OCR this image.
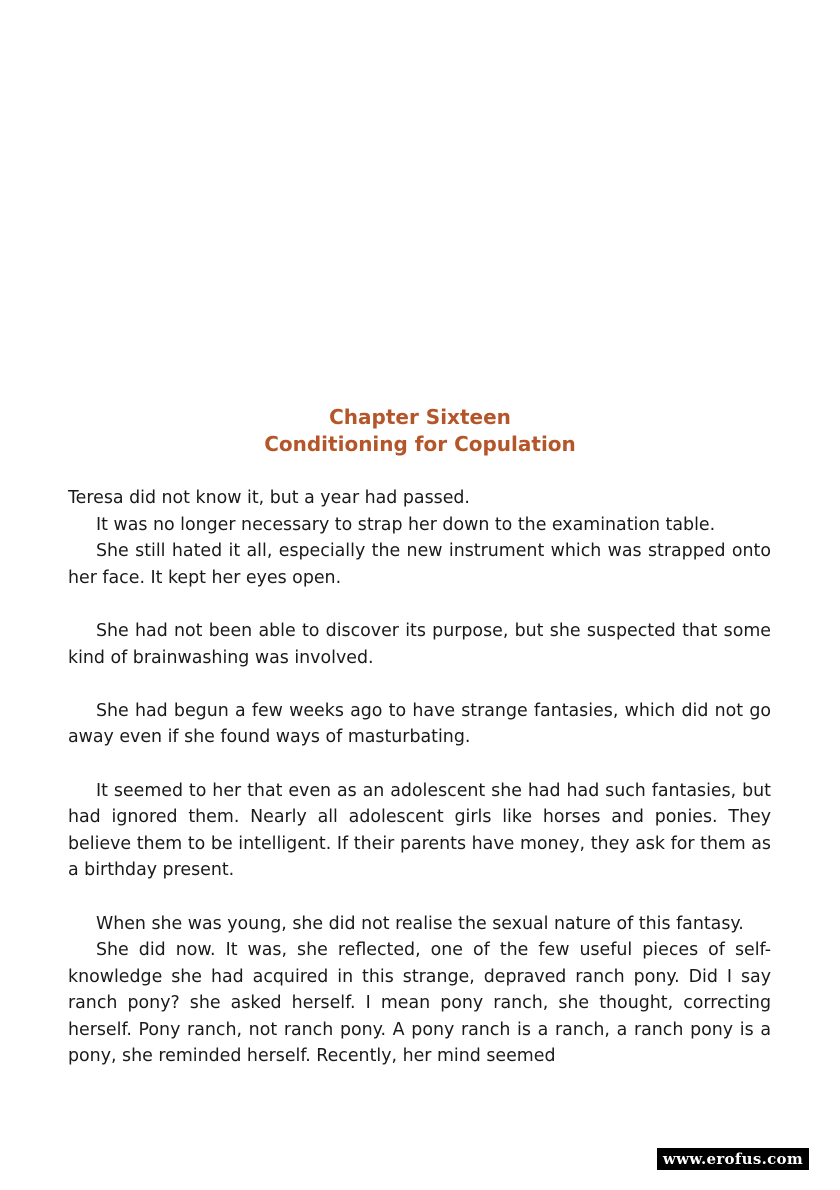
Chapter Sixteen
Conditioning for Copulation

Teresa did not know it, but a year had passed.

It was no longer necessary to strap her down to the examination table.

She still hated it all, especially the new instrument which was strapped onto her face. It kept her eyes open.

She had not been able to discover its purpose, but she suspected that some kind of brainwashing was involved.

She had begun a few weeks ago to have strange fantasies, which did not go away even if she found ways of masturbating.

It seemed to her that even as an adolescent she had had such fantasies, but had ignored them. Nearly all adolescent girls like horses and ponies. They believe them to be intelligent. If their parents have money, they ask for them as a birthday present.

When she was young, she did not realise the sexual nature of this fantasy.

She did now. It was, she reflected, one of the few useful pieces of self-knowledge she had acquired in this strange, depraved ranch pony. Did I say ranch pony? she asked herself. I mean pony ranch, she thought, correcting herself. Pony ranch, not ranch pony. A pony ranch is a ranch, a ranch pony is a pony, she reminded herself. Recently, her mind seemed

www.erofus.com
